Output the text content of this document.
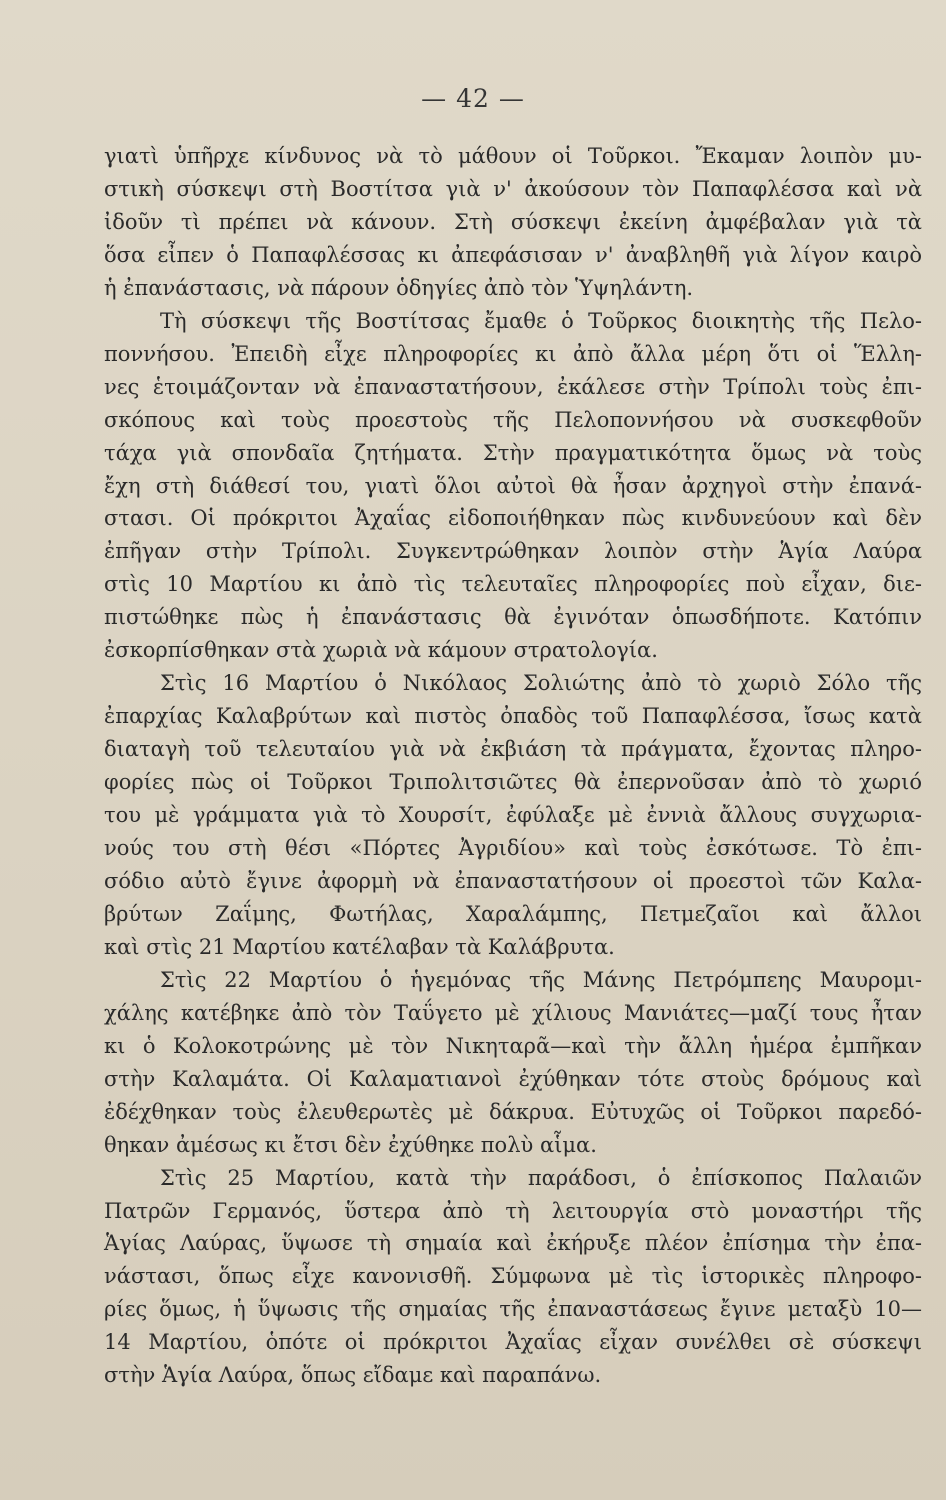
— 42 —
γιατὶ ὑπῆρχε κίνδυνος νὰ τὸ μάθουν οἱ Τοῦρκοι. Ἔκαμαν λοιπὸν μυ-
στικὴ σύσκεψι στὴ Βοστίτσα γιὰ ν' ἀκούσουν τὸν Παπαφλέσσα καὶ νὰ
ἰδοῦν τὶ πρέπει νὰ κάνουν. Στὴ σύσκεψι ἐκείνη ἀμφέβαλαν γιὰ τὰ
ὅσα εἶπεν ὁ Παπαφλέσσας κι ἀπεφάσισαν ν' ἀναβληθῆ γιὰ λίγον καιρὸ
ἡ ἐπανάστασις, νὰ πάρουν ὁδηγίες ἀπὸ τὸν Ὑψηλάντη.
Τὴ σύσκεψι τῆς Βοστίτσας ἔμαθε ὁ Τοῦρκος διοικητὴς τῆς Πελο-
ποννήσου. Ἐπειδὴ εἶχε πληροφορίες κι ἀπὸ ἄλλα μέρη ὅτι οἱ Ἕλλη-
νες ἑτοιμάζονταν νὰ ἐπαναστατήσουν, ἐκάλεσε στὴν Τρίπολι τοὺς ἐπι-
σκόπους καὶ τοὺς προεστοὺς τῆς Πελοποννήσου νὰ συσκεφθοῦν
τάχα γιὰ σπονδαῖα ζητήματα. Στὴν πραγματικότητα ὅμως νὰ τοὺς
ἔχη στὴ διάθεσί του, γιατὶ ὅλοι αὐτοὶ θὰ ἦσαν ἀρχηγοὶ στὴν ἐπανά-
στασι. Οἱ πρόκριτοι Ἀχαΐας εἰδοποιήθηκαν πὼς κινδυνεύουν καὶ δὲν
ἐπῆγαν στὴν Τρίπολι. Συγκεντρώθηκαν λοιπὸν στὴν Ἁγία Λαύρα
στὶς 10 Μαρτίου κι ἀπὸ τὶς τελευταῖες πληροφορίες ποὺ εἶχαν, διε-
πιστώθηκε πὼς ἡ ἐπανάστασις θὰ ἐγινόταν ὁπωσδήποτε. Κατόπιν
ἐσκορπίσθηκαν στὰ χωριὰ νὰ κάμουν στρατολογία.
Στὶς 16 Μαρτίου ὁ Νικόλαος Σολιώτης ἀπὸ τὸ χωριὸ Σόλο τῆς
ἐπαρχίας Καλαβρύτων καὶ πιστὸς ὀπαδὸς τοῦ Παπαφλέσσα, ἴσως κατὰ
διαταγὴ τοῦ τελευταίου γιὰ νὰ ἐκβιάση τὰ πράγματα, ἔχοντας πληρο-
φορίες πὼς οἱ Τοῦρκοι Τριπολιτσιῶτες θὰ ἐπερνοῦσαν ἀπὸ τὸ χωριό
του μὲ γράμματα γιὰ τὸ Χουρσίτ, ἐφύλαξε μὲ ἐννιὰ ἄλλους συγχωρια-
νούς του στὴ θέσι «Πόρτες Ἀγριδίου» καὶ τοὺς ἐσκότωσε. Τὸ ἐπι-
σόδιο αὐτὸ ἔγινε ἀφορμὴ νὰ ἐπαναστατήσουν οἱ προεστοὶ τῶν Καλα-
βρύτων Ζαΐμης, Φωτήλας, Χαραλάμπης, Πετμεζαῖοι καὶ ἄλλοι
καὶ στὶς 21 Μαρτίου κατέλαβαν τὰ Καλάβρυτα.
Στὶς 22 Μαρτίου ὁ ἡγεμόνας τῆς Μάνης Πετρόμπεης Μαυρομι-
χάλης κατέβηκε ἀπὸ τὸν Ταΰγετο μὲ χίλιους Μανιάτες—μαζί τους ἦταν
κι ὁ Κολοκοτρώνης μὲ τὸν Νικηταρᾶ—καὶ τὴν ἄλλη ἡμέρα ἐμπῆκαν
στὴν Καλαμάτα. Οἱ Καλαματιανοὶ ἐχύθηκαν τότε στοὺς δρόμους καὶ
ἐδέχθηκαν τοὺς ἐλευθερωτὲς μὲ δάκρυα. Εὐτυχῶς οἱ Τοῦρκοι παρεδό-
θηκαν ἀμέσως κι ἔτσι δὲν ἐχύθηκε πολὺ αἷμα.
Στὶς 25 Μαρτίου, κατὰ τὴν παράδοσι, ὁ ἐπίσκοπος Παλαιῶν
Πατρῶν Γερμανός, ὕστερα ἀπὸ τὴ λειτουργία στὸ μοναστήρι τῆς
Ἁγίας Λαύρας, ὕψωσε τὴ σημαία καὶ ἐκήρυξε πλέον ἐπίσημα τὴν ἐπα-
νάστασι, ὅπως εἶχε κανονισθῆ. Σύμφωνα μὲ τὶς ἱστορικὲς πληροφο-
ρίες ὅμως, ἡ ὕψωσις τῆς σημαίας τῆς ἐπαναστάσεως ἔγινε μεταξὺ 10—
14 Μαρτίου, ὁπότε οἱ πρόκριτοι Ἀχαΐας εἶχαν συνέλθει σὲ σύσκεψι
στὴν Ἁγία Λαύρα, ὅπως εἴδαμε καὶ παραπάνω.
